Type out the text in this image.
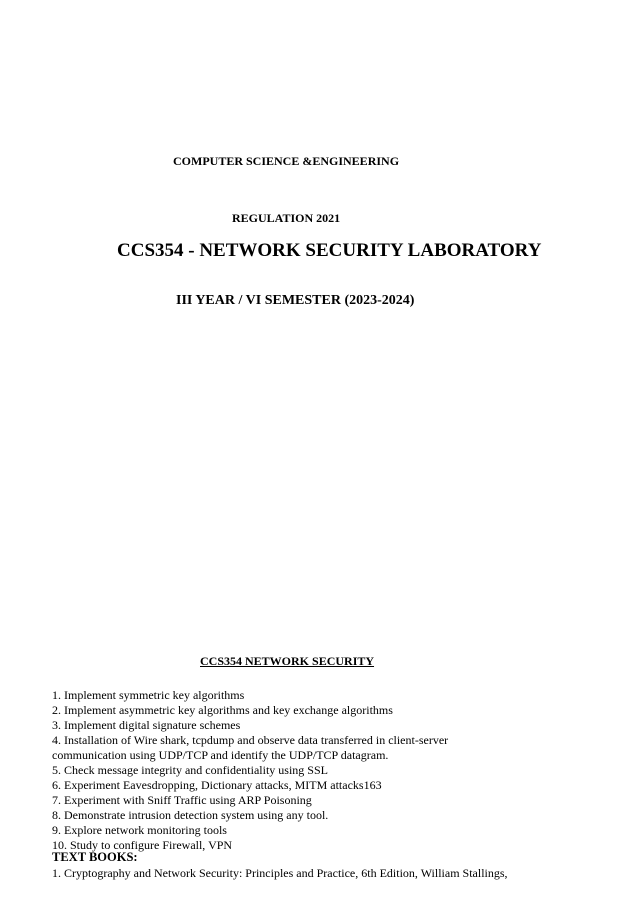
COMPUTER SCIENCE &ENGINEERING

REGULATION 2021

CCS354 - NETWORK SECURITY LABORATORY

III YEAR / VI SEMESTER (2023-2024)

CCS354 NETWORK SECURITY

1. Implement symmetric key algorithms
2. Implement asymmetric key algorithms and key exchange algorithms
3. Implement digital signature schemes
4. Installation of Wire shark, tcpdump and observe data transferred in client-server
communication using UDP/TCP and identify the UDP/TCP datagram.
5. Check message integrity and confidentiality using SSL
6. Experiment Eavesdropping, Dictionary attacks, MITM attacks163
7. Experiment with Sniff Traffic using ARP Poisoning
8. Demonstrate intrusion detection system using any tool.
9. Explore network monitoring tools
10. Study to configure Firewall, VPN

TEXT BOOKS:

1. Cryptography and Network Security: Principles and Practice, 6th Edition, William Stallings,
